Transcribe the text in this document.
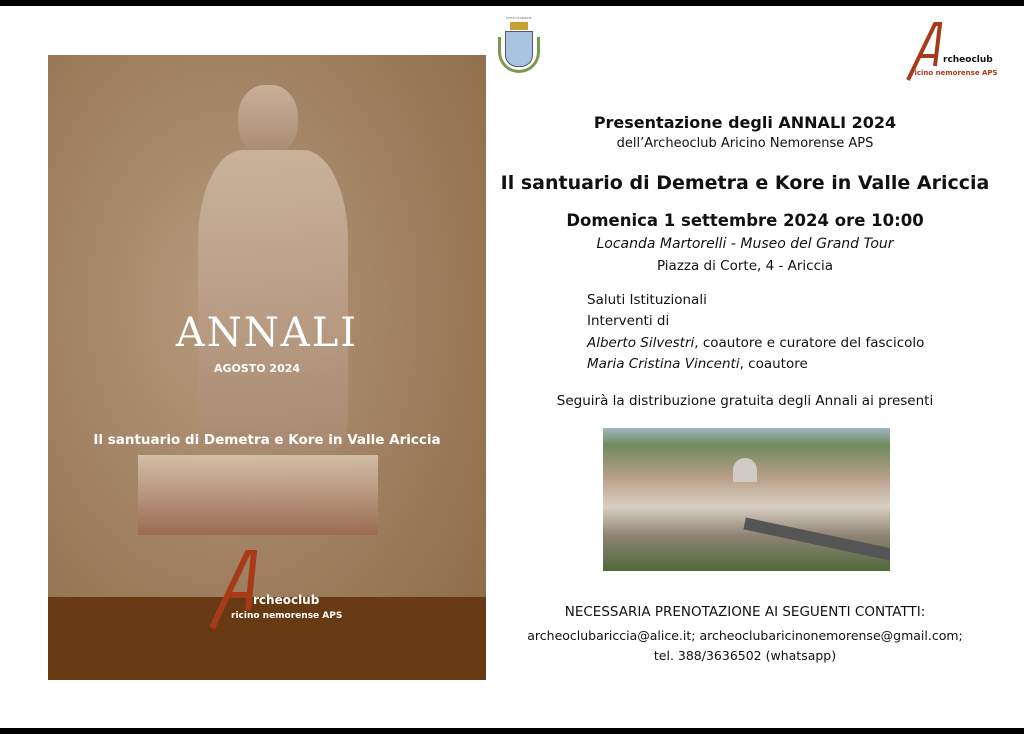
ANNALI
AGOSTO 2024
Il santuario di Demetra e Kore in Valle Ariccia
rcheoclub
ricino nemorense APS
CITTÀ DI ARICCIA
rcheoclub
ricino nemorense APS
Presentazione degli ANNALI 2024
dell’Archeoclub Aricino Nemorense APS
Il santuario di Demetra e Kore in Valle Ariccia
Domenica 1 settembre 2024 ore 10:00
Locanda Martorelli - Museo del Grand Tour
Piazza di Corte, 4 - Ariccia
Saluti Istituzionali
Interventi di
Alberto Silvestri, coautore e curatore del fascicolo
Maria Cristina Vincenti, coautore
Seguirà la distribuzione gratuita degli Annali ai presenti
NECESSARIA PRENOTAZIONE AI SEGUENTI CONTATTI:
archeoclubariccia@alice.it; archeoclubaricinonemorense@gmail.com;
tel. 388/3636502 (whatsapp)
